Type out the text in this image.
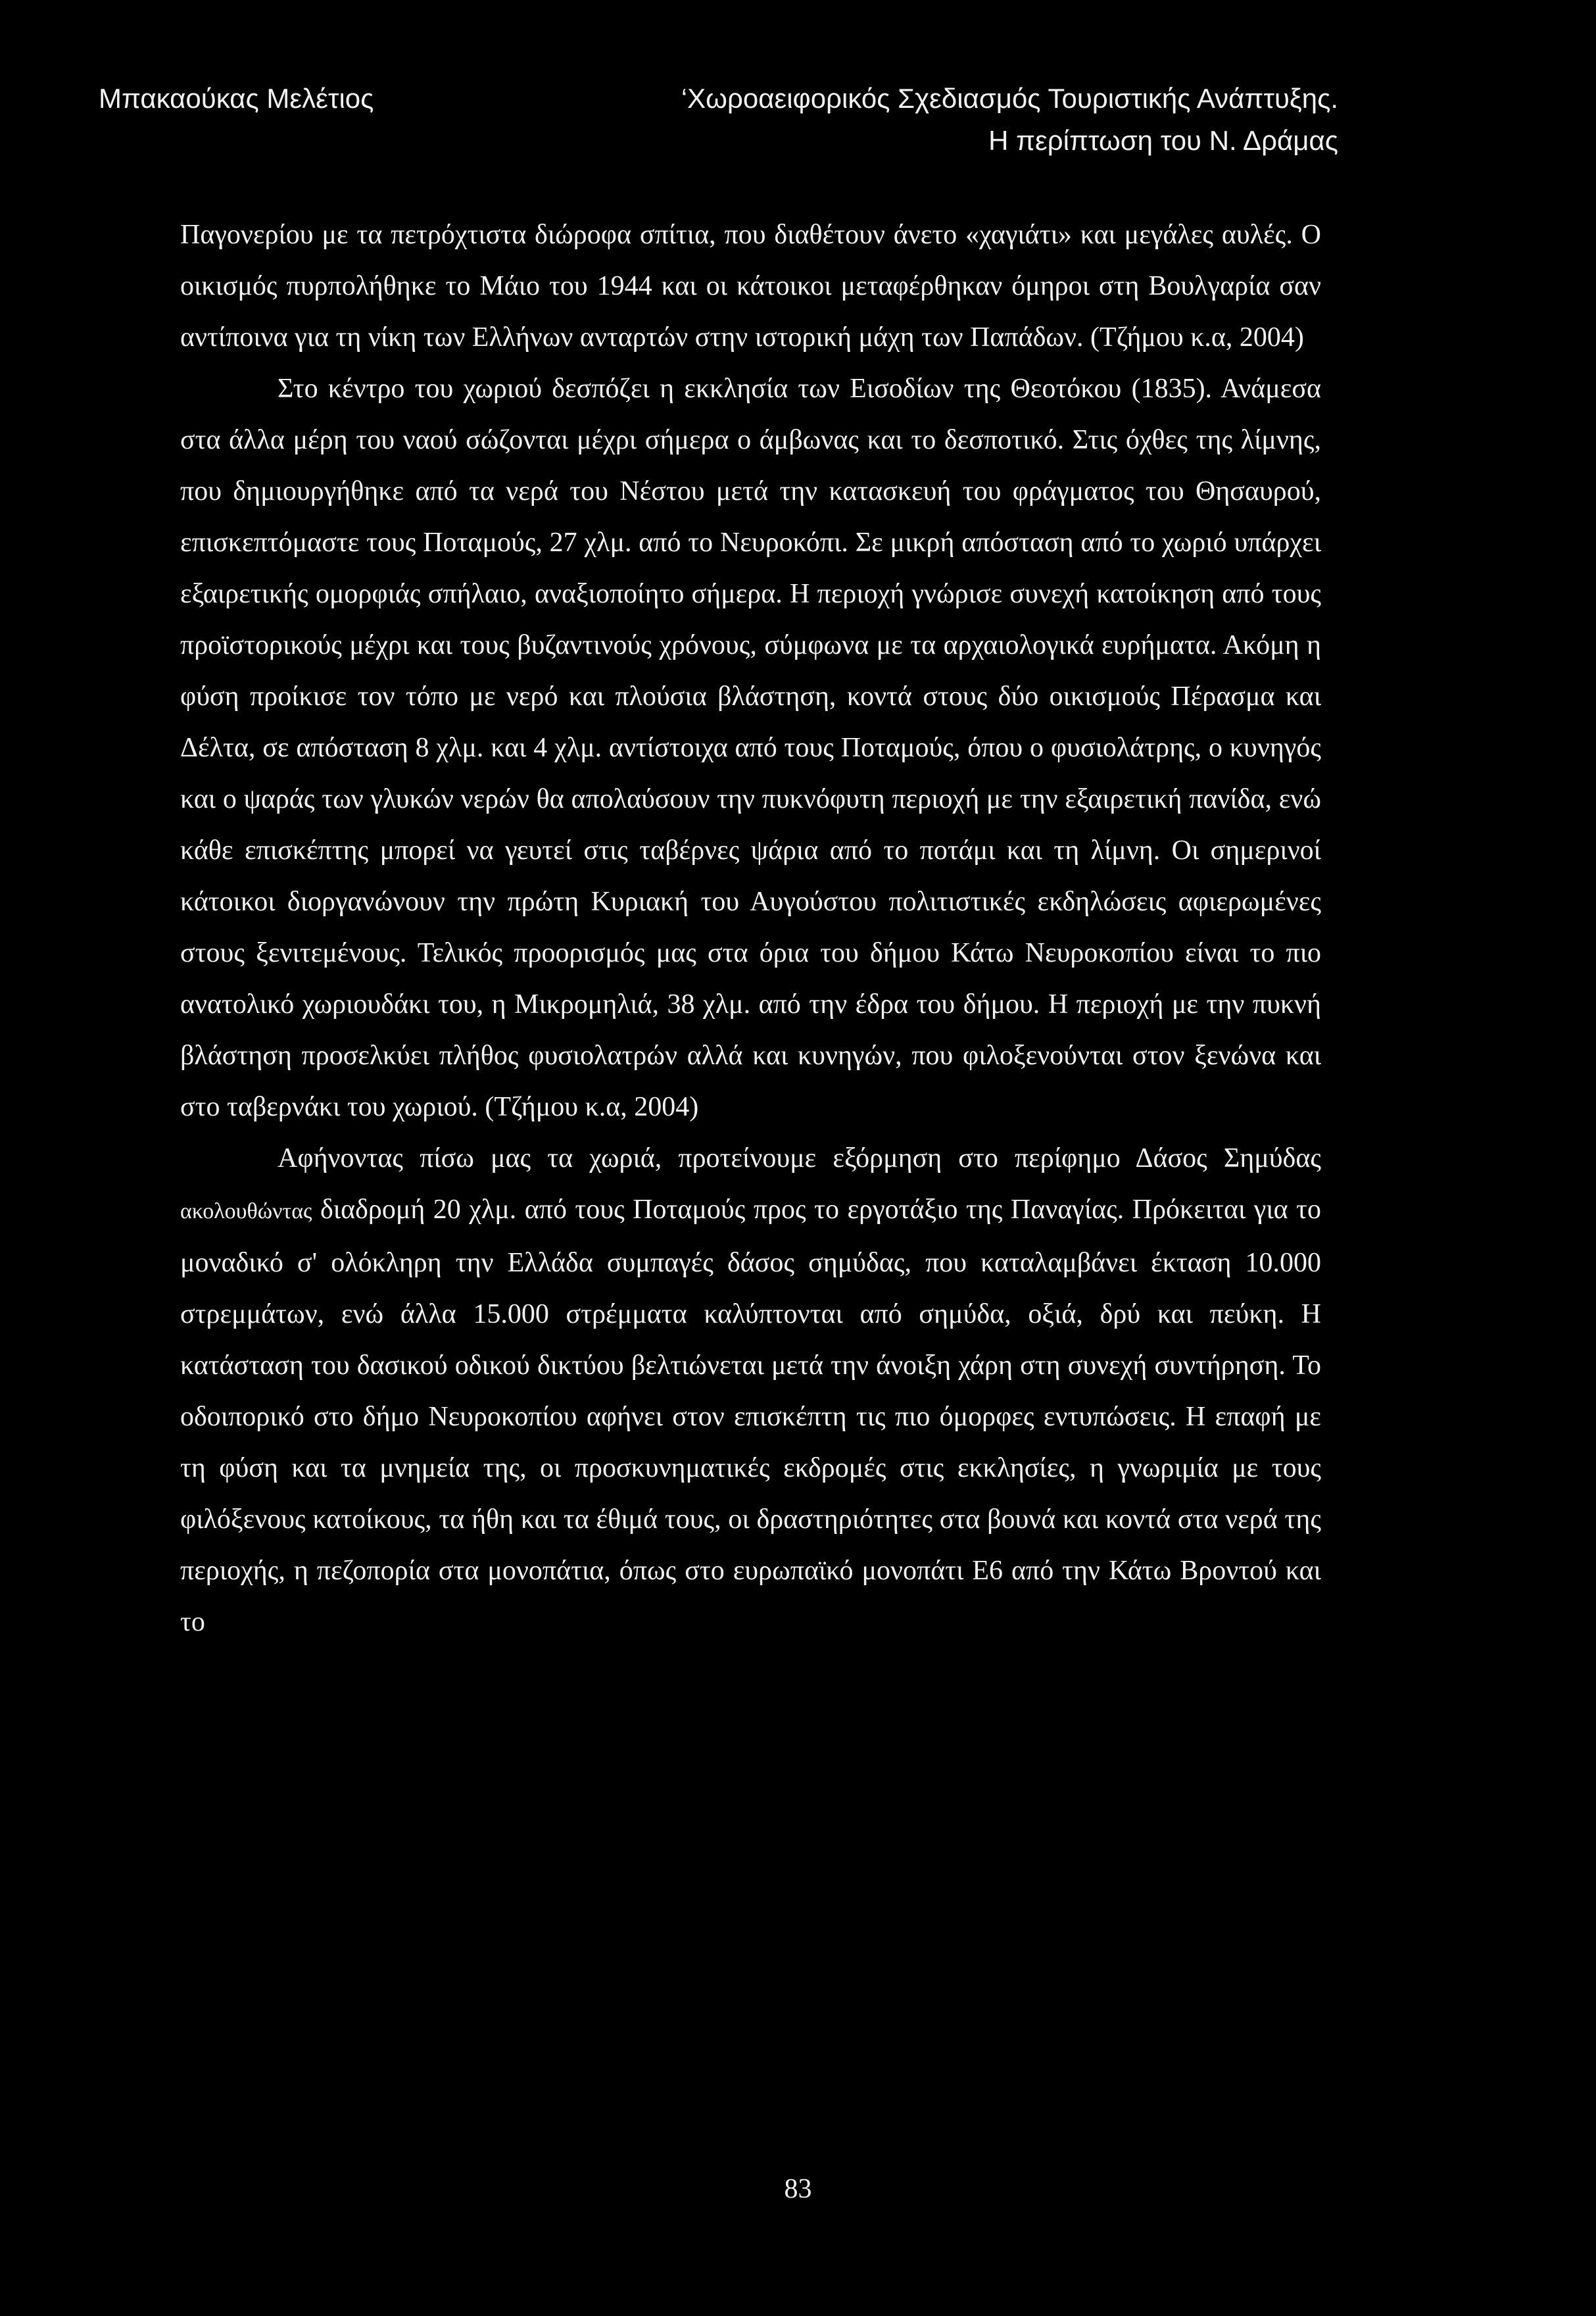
Μπακαούκας Μελέτιος	‘Χωροαειφορικός Σχεδιασμός Τουριστικής Ανάπτυξης.
Η περίπτωση του Ν. Δράμας

Παγονερίου με τα πετρόχτιστα διώροφα σπίτια, που διαθέτουν άνετο «χαγιάτι» και μεγάλες αυλές. Ο οικισμός πυρπολήθηκε το Μάιο του 1944 και οι κάτοικοι μεταφέρθηκαν όμηροι στη Βουλγαρία σαν αντίποινα για τη νίκη των Ελλήνων ανταρτών στην ιστορική μάχη των Παπάδων. (Τζήμου κ.α, 2004)

Στο κέντρο του χωριού δεσπόζει η εκκλησία των Εισοδίων της Θεοτόκου (1835). Ανάμεσα στα άλλα μέρη του ναού σώζονται μέχρι σήμερα ο άμβωνας και το δεσποτικό. Στις όχθες της λίμνης, που δημιουργήθηκε από τα νερά του Νέστου μετά την κατασκευή του φράγματος του Θησαυρού, επισκεπτόμαστε τους Ποταμούς, 27 χλμ. από το Νευροκόπι. Σε μικρή απόσταση από το χωριό υπάρχει εξαιρετικής ομορφιάς σπήλαιο, αναξιοποίητο σήμερα. Η περιοχή γνώρισε συνεχή κατοίκηση από τους προϊστορικούς μέχρι και τους βυζαντινούς χρόνους, σύμφωνα με τα αρχαιολογικά ευρήματα. Ακόμη η φύση προίκισε τον τόπο με νερό και πλούσια βλάστηση, κοντά στους δύο οικισμούς Πέρασμα και Δέλτα, σε απόσταση 8 χλμ. και 4 χλμ. αντίστοιχα από τους Ποταμούς, όπου ο φυσιολάτρης, ο κυνηγός και ο ψαράς των γλυκών νερών θα απολαύσουν την πυκνόφυτη περιοχή με την εξαιρετική πανίδα, ενώ κάθε επισκέπτης μπορεί να γευτεί στις ταβέρνες ψάρια από το ποτάμι και τη λίμνη. Οι σημερινοί κάτοικοι διοργανώνουν την πρώτη Κυριακή του Αυγούστου πολιτιστικές εκδηλώσεις αφιερωμένες στους ξενιτεμένους. Τελικός προορισμός μας στα όρια του δήμου Κάτω Νευροκοπίου είναι το πιο ανατολικό χωριουδάκι του, η Μικρομηλιά, 38 χλμ. από την έδρα του δήμου. Η περιοχή με την πυκνή βλάστηση προσελκύει πλήθος φυσιολατρών αλλά και κυνηγών, που φιλοξενούνται στον ξενώνα και στο ταβερνάκι του χωριού. (Τζήμου κ.α, 2004)

Αφήνοντας πίσω μας τα χωριά, προτείνουμε εξόρμηση στο περίφημο Δάσος Σημύδας ακολουθώντας διαδρομή 20 χλμ. από τους Ποταμούς προς το εργοτάξιο της Παναγίας. Πρόκειται για το μοναδικό σ' ολόκληρη την Ελλάδα συμπαγές δάσος σημύδας, που καταλαμβάνει έκταση 10.000 στρεμμάτων, ενώ άλλα 15.000 στρέμματα καλύπτονται από σημύδα, οξιά, δρύ και πεύκη. Η κατάσταση του δασικού οδικού δικτύου βελτιώνεται μετά την άνοιξη χάρη στη συνεχή συντήρηση. Το οδοιπορικό στο δήμο Νευροκοπίου αφήνει στον επισκέπτη τις πιο όμορφες εντυπώσεις. Η επαφή με τη φύση και τα μνημεία της, οι προσκυνηματικές εκδρομές στις εκκλησίες, η γνωριμία με τους φιλόξενους κατοίκους, τα ήθη και τα έθιμά τους, οι δραστηριότητες στα βουνά και κοντά στα νερά της περιοχής, η πεζοπορία στα μονοπάτια, όπως στο ευρωπαϊκό μονοπάτι Ε6 από την Κάτω Βροντού και το

83
